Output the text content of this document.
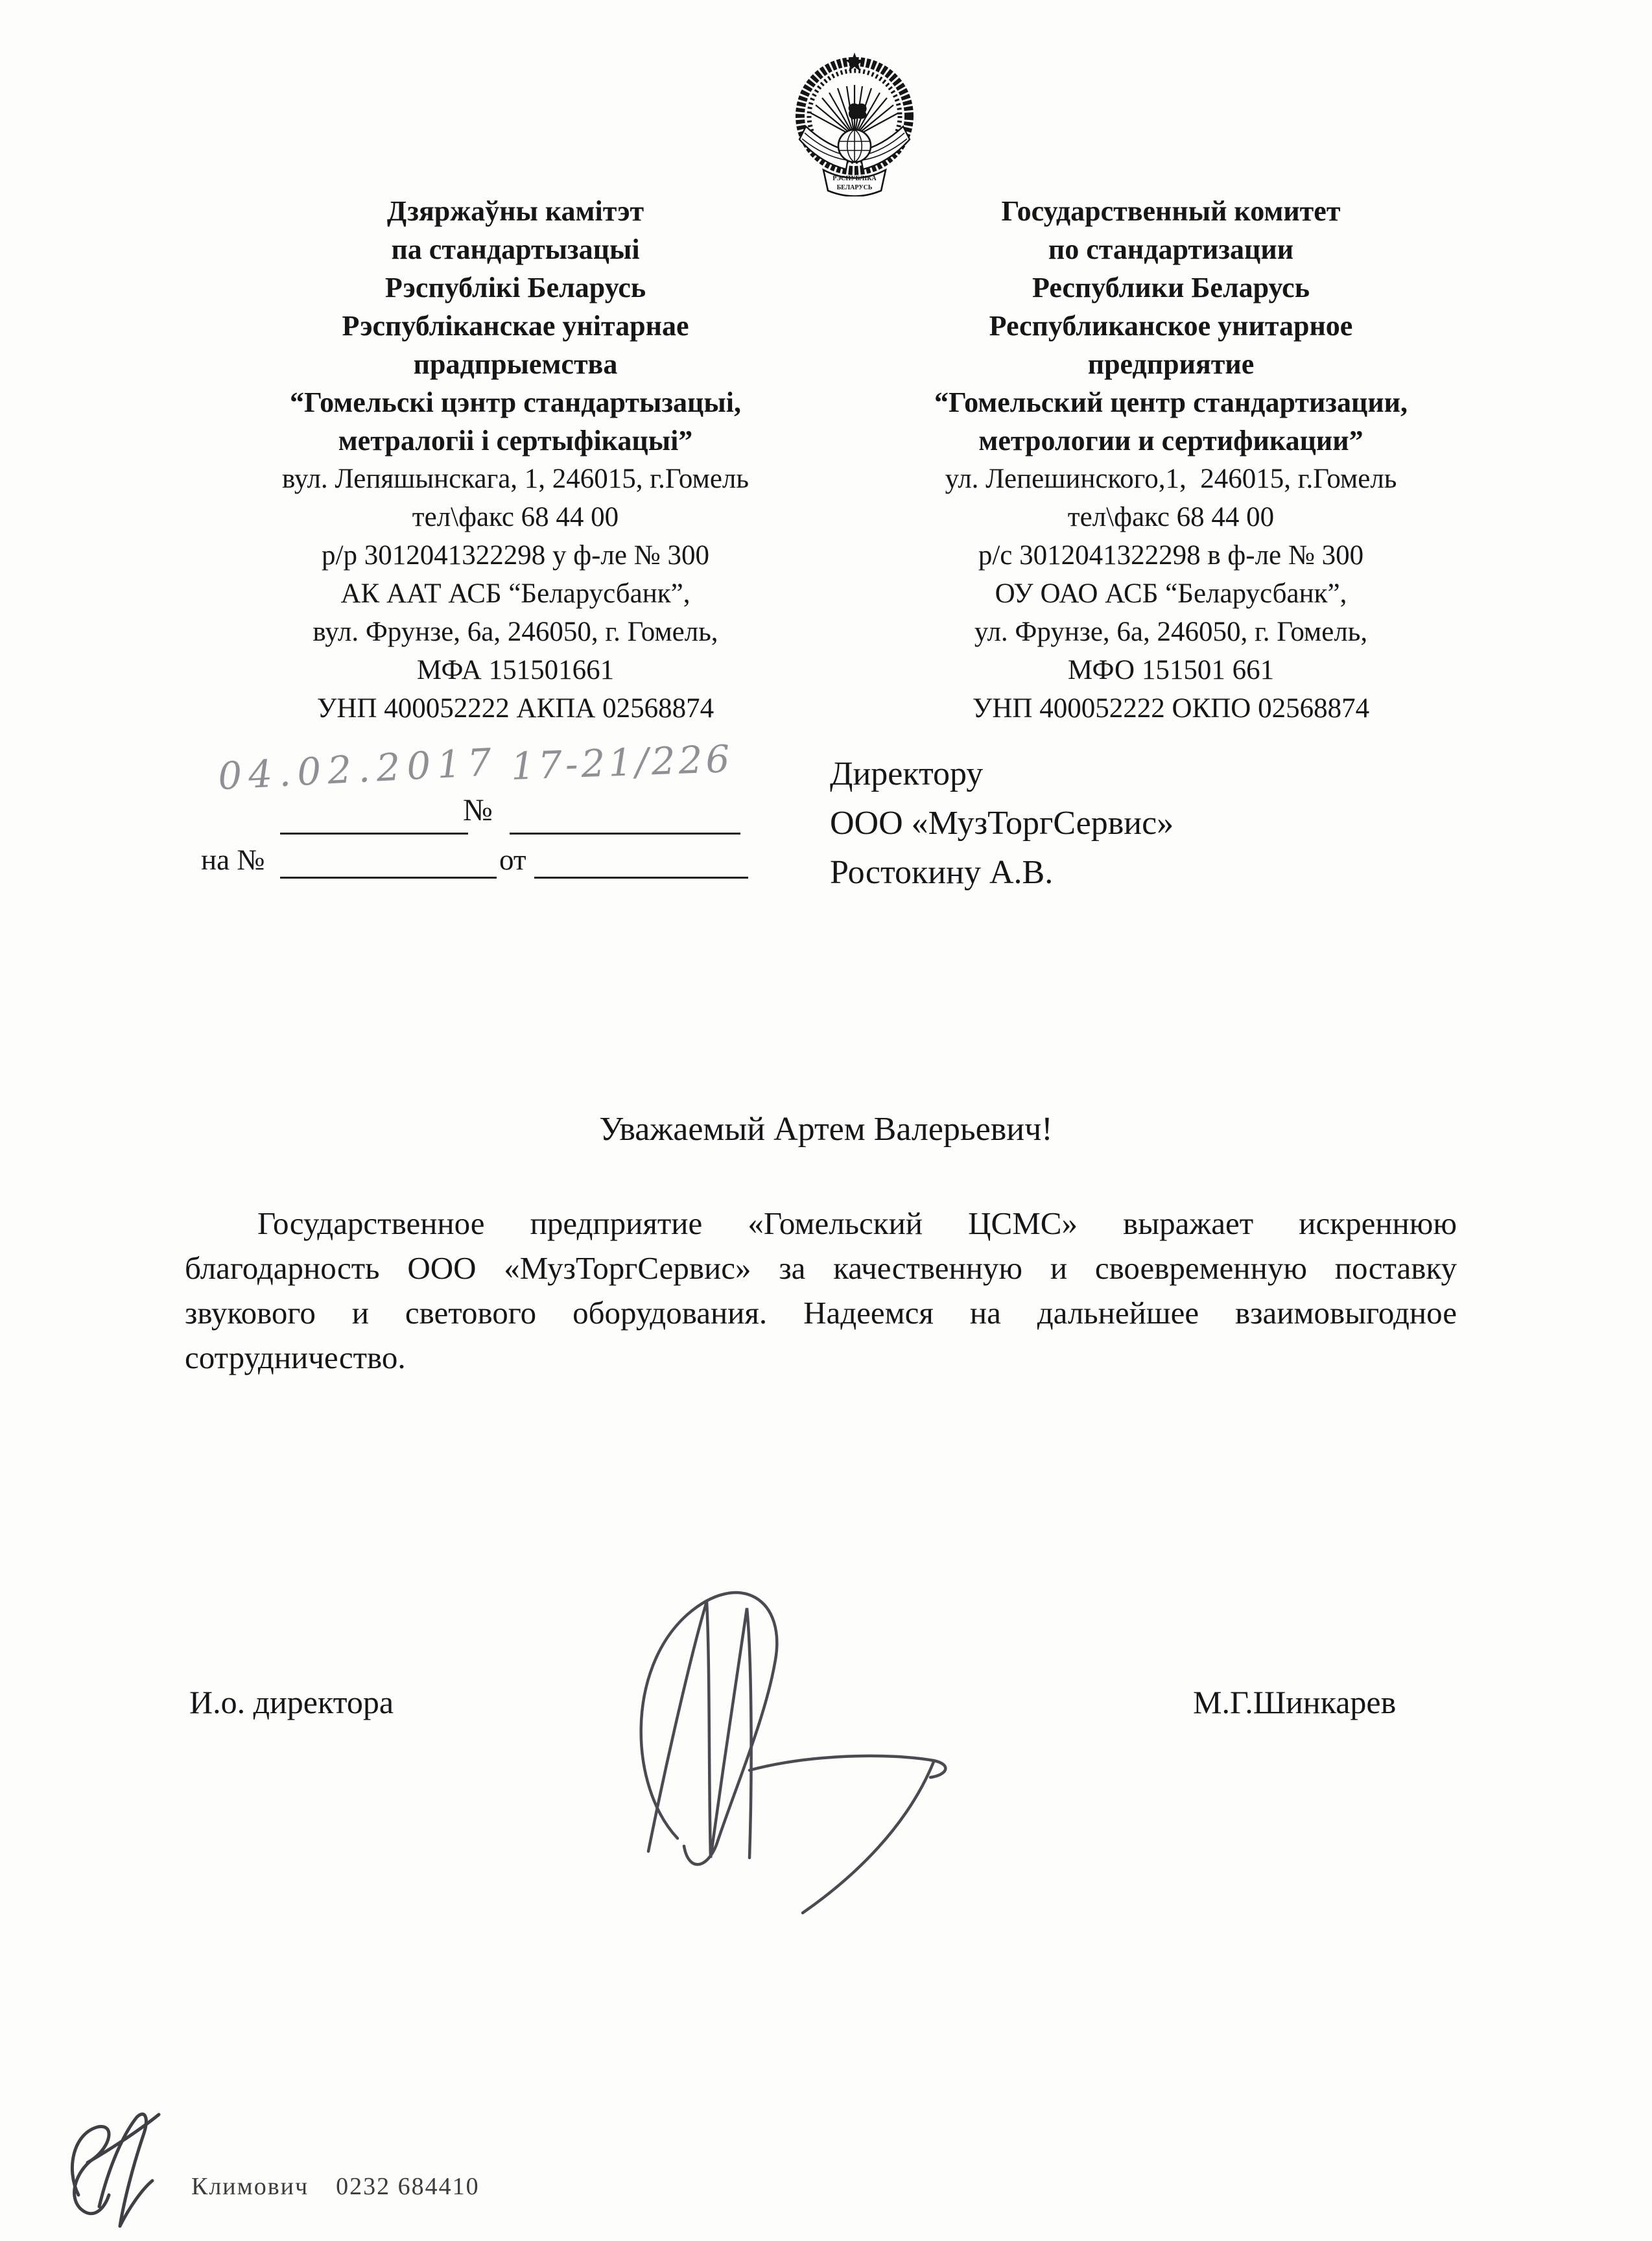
РЭСПУБЛІКА
БЕЛАРУСЬ
Дзяржаўны камітэт
па стандартызацыі
Рэспублікі Беларусь
Рэспубліканскае унітарнае
прадпрыемства
“Гомельскі цэнтр стандартызацыі,
метралогіі і сертыфікацыі”
вул. Лепяшынскага, 1, 246015, г.Гомель
тел\факс 68 44 00
р/р 3012041322298 у ф-ле № 300
АК ААТ АСБ “Беларусбанк”,
вул. Фрунзе, 6а, 246050, г. Гомель,
МФА 151501661
УНП 400052222 АКПА 02568874
Государственный комитет
по стандартизации
Республики Беларусь
Республиканское унитарное
предприятие
“Гомельский центр стандартизации,
метрологии и сертификации”
ул. Лепешинского,1,  246015, г.Гомель
тел\факс 68 44 00
р/с 3012041322298 в ф-ле № 300
ОУ ОАО АСБ “Беларусбанк”,
ул. Фрунзе, 6а, 246050, г. Гомель,
МФО 151501 661
УНП 400052222 ОКПО 02568874
04.02.2017
№
17-21/226
на №	от
Директору
ООО «МузТоргСервис»
Ростокину А.В.
Уважаемый Артем Валерьевич!
Государственное предприятие «Гомельский ЦСМС» выражает искреннюю благодарность ООО «МузТоргСервис» за качественную и своевременную поставку звукового и светового оборудования. Надеемся на дальнейшее взаимовыгодное сотрудничество.
И.о. директора	М.Г.Шинкарев
Климович 0232 684410
